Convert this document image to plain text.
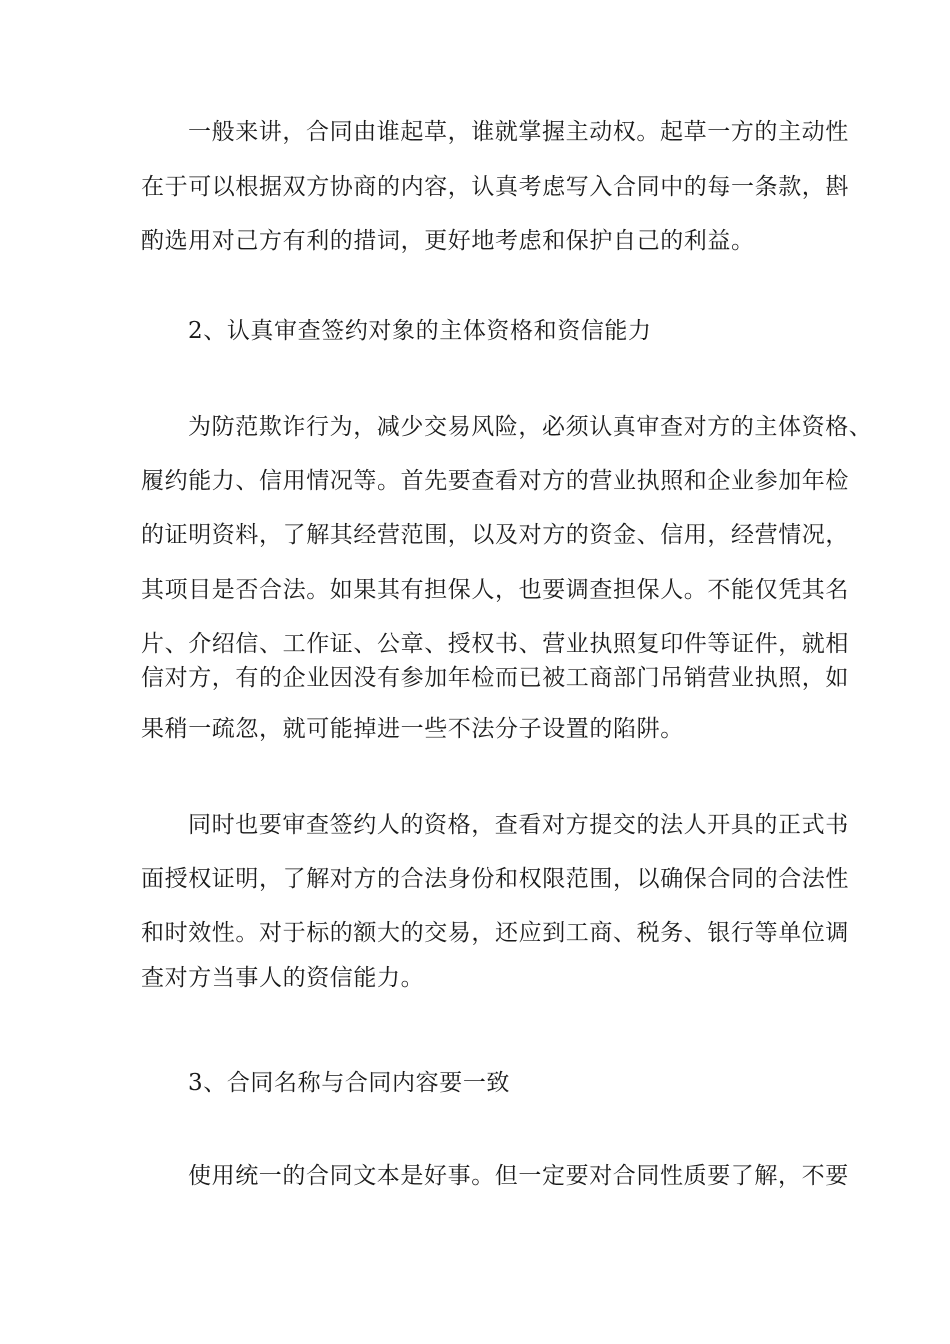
一般来讲，合同由谁起草，谁就掌握主动权。起草一方的主动性
在于可以根据双方协商的内容，认真考虑写入合同中的每一条款，斟
酌选用对己方有利的措词，更好地考虑和保护自己的利益。
2、认真审查签约对象的主体资格和资信能力
为防范欺诈行为，减少交易风险，必须认真审查对方的主体资格、
履约能力、信用情况等。首先要查看对方的营业执照和企业参加年检
的证明资料，了解其经营范围，以及对方的资金、信用，经营情况，
其项目是否合法。如果其有担保人，也要调查担保人。不能仅凭其名
片、介绍信、工作证、公章、授权书、营业执照复印件等证件，就相
信对方，有的企业因没有参加年检而已被工商部门吊销营业执照，如
果稍一疏忽，就可能掉进一些不法分子设置的陷阱。
同时也要审查签约人的资格，查看对方提交的法人开具的正式书
面授权证明，了解对方的合法身份和权限范围，以确保合同的合法性
和时效性。对于标的额大的交易，还应到工商、税务、银行等单位调
查对方当事人的资信能力。
3、合同名称与合同内容要一致
使用统一的合同文本是好事。但一定要对合同性质要了解，不要
